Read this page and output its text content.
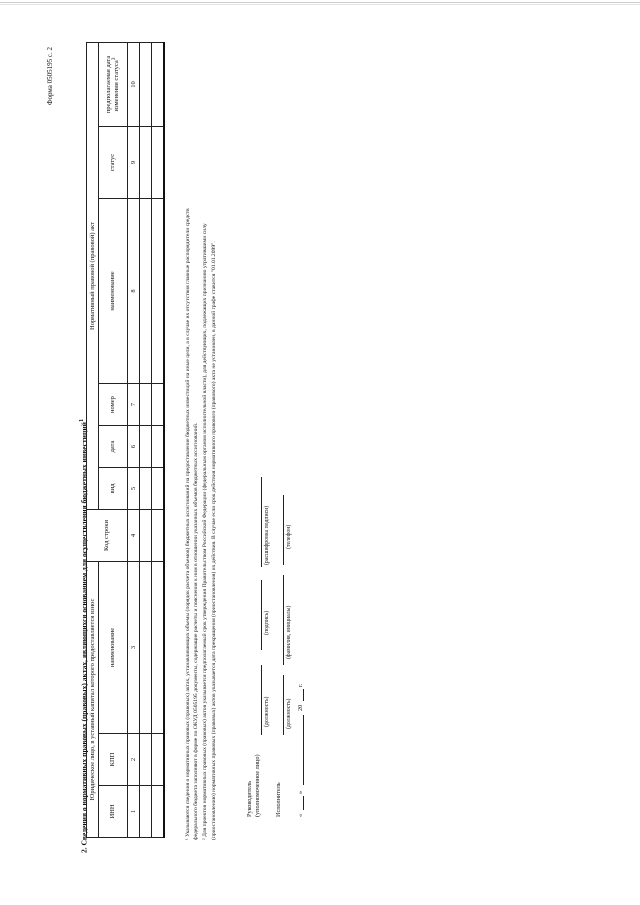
Форма 0505195 с. 2
2. Сведения о нормативных правовых (правовых) актах, являющихся основанием для осуществления бюджетных инвестиций$^1$
Юридическое лицо, в уставный капитал которого предоставляется взнос			Код строки	Нормативный правовой (правовой) акт					
ИНН	КПП	наименование		вид	дата	номер	наименование	статус	предполагаемая дата изменения статуса$^3$
1	2	3	4	5	6	7	8	9	10

¹ Указываются сведения о нормативных правовых (правовых) актах, устанавливающих объемы (порядок расчета объемов) бюджетных ассигнований на предоставление бюджетных инвестиций на иные цели, а в случае их отсутствия главные распорядители средств федерального бюджета заполняют в форме по ОКУД 0505195 документы, содержащие расчеты и пояснения к ним в отношении указанных объемов бюджетных ассигнований. ² Для проектов нормативных правовых (правовых) актов указывается предполагаемый срок утверждения Правительством Российской Федерации (федеральным органом исполнительной власти), для действующих, подлежащих признанию утратившими силу (приостановлению) нормативных правовых (правовых) актов указывается дата прекращения (приостановления) их действия. В случае если срок действия нормативного правового (правового) акта не установлен, в данной графе ставится "01.01.2099".	Руководитель (уполномоченное лицо)
(должность)
(подпись)
(расшифровка подписи)
Исполнитель
(должность)
(фамилия, инициалы)
(телефон)
«
»
20
г.
